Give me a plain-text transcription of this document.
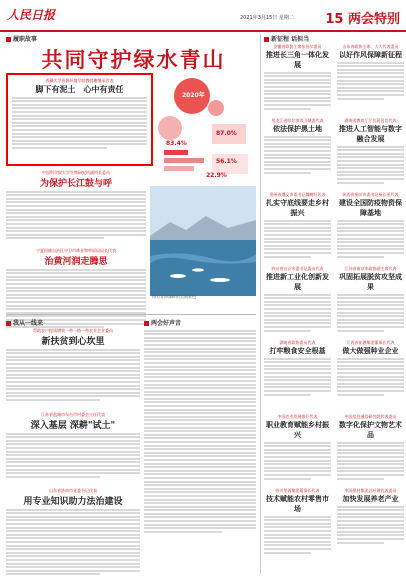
人民日报	2021年3月15日 星期二	15 两会特别
履职故事
共同守护绿水青山
西藏大学资源环境学院教授谢继承代表
脚下有泥土　心中有责任
2020年
87.0%
83.4%
56.1%
22.9%
中国科学院大学生物研究所副所长委员
为保护长江鼓与呼
宁夏回族自治区中卫市林业和草原局局长代表
治黄河润走腾思
图为青海湖畔的美丽景色
我从一线来	两会好声音
帮助农户提质增效一带一路一带农业企业委员
新扶贫到心坎里
江苏省盐城市东台市村委会主任代表
深入基层 深耕"试土"
山东省济南市党委书记代表
用专业知识助力法治建设
新征程 话担当
安徽省政协主席张昌尔委员
推进长三角一体化发展
山东省政协主席、人大代表委员
以好作风保障新征程
黑龙江省哈尔滨市卫健委代表
依法保护黑土地
湖南省教育厅厅长蒋昌忠代表
推进人工智能与数字融合发展
贵州省遵义市委书记魏树旺代表
扎实守底线要走乡村振兴
陕西省铜川市委书记杨长亚代表
建设全国防疫物资保障基地
四川省自贡市委书记委员代表
推进新工业化创新发展
江苏省南京市政协副主席代表
巩固拓展脱贫攻坚成果
湖南省政协委员代表
打牢粮食安全根基
江西省化德集团董事长代表
做大做强种业企业
中国农业发展银行代表
职业教育赋能乡村振兴
中国信息通信研究院代表委员
数字化保护文物艺术品
四川华西集团董事长代表
技术赋能农村零售市场
中国建材集团总经理代表委员
加快发展养老产业
